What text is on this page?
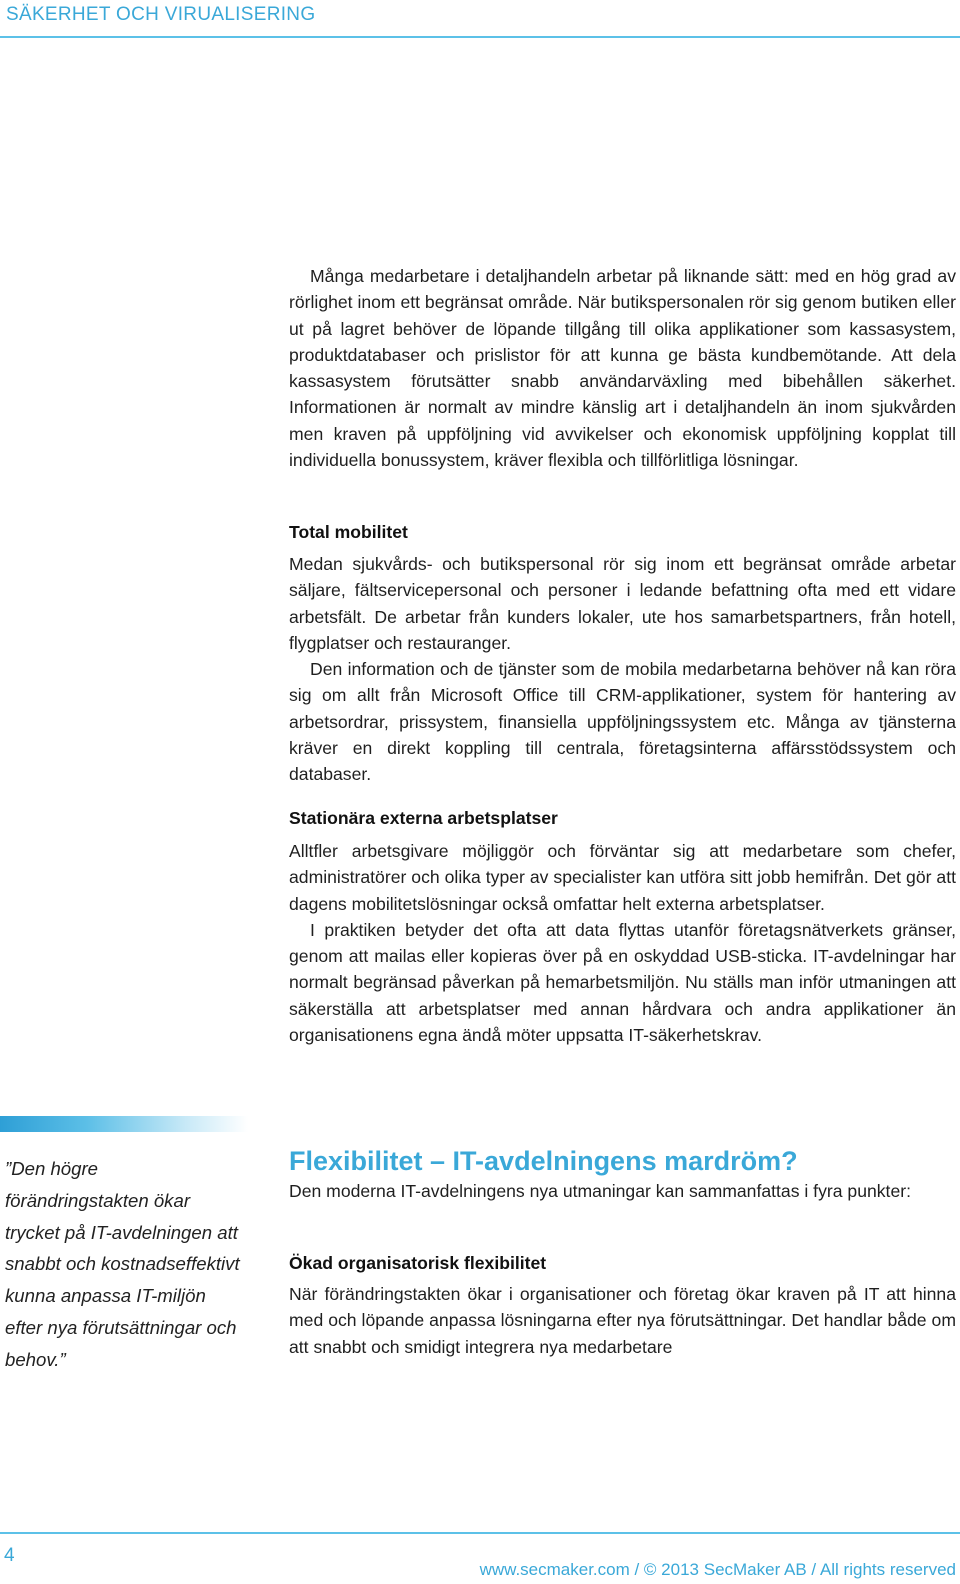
SÄKERHET OCH VIRUALISERING

Många medarbetare i detaljhandeln arbetar på liknande sätt: med en hög grad av rörlighet inom ett begränsat område. När butikspersonalen rör sig genom butiken eller ut på lagret behöver de löpande tillgång till olika applikationer som kassasystem, produktdatabaser och prislistor för att kunna ge bästa kundbemötande. Att dela kassasystem förutsätter snabb användarväxling med bibehållen säkerhet. Informationen är normalt av mindre känslig art i detaljhandeln än inom sjukvården men kraven på uppföljning vid avvikelser och ekonomisk uppföljning kopplat till individuella bonussystem, kräver flexibla och tillförlitliga lösningar.

Total mobilitet

Medan sjukvårds- och butikspersonal rör sig inom ett begränsat område arbetar säljare, fältservicepersonal och personer i ledande befattning ofta med ett vidare arbetsfält. De arbetar från kunders lokaler, ute hos samarbetspartners, från hotell, flygplatser och restauranger.

Den information och de tjänster som de mobila medarbetarna behöver nå kan röra sig om allt från Microsoft Office till CRM-applikationer, system för hantering av arbetsordrar, prissystem, finansiella uppföljningssystem etc. Många av tjänsterna kräver en direkt koppling till centrala, företagsinterna affärsstödssystem och databaser.

Stationära externa arbetsplatser

Alltfler arbetsgivare möjliggör och förväntar sig att medarbetare som chefer, administratörer och olika typer av specialister kan utföra sitt jobb hemifrån. Det gör att dagens mobilitetslösningar också omfattar helt externa arbetsplatser.

I praktiken betyder det ofta att data flyttas utanför företagsnätverkets gränser, genom att mailas eller kopieras över på en oskyddad USB-sticka. IT-avdelningar har normalt begränsad påverkan på hemarbetsmiljön. Nu ställs man inför utmaningen att säkerställa att arbetsplatser med annan hårdvara och andra applikationer än organisationens egna ändå möter uppsatta IT-säkerhetskrav.

Flexibilitet – IT-avdelningens mardröm?

Den moderna IT-avdelningens nya utmaningar kan sammanfattas i fyra punkter:

Ökad organisatorisk flexibilitet

När förändringstakten ökar i organisationer och företag ökar kraven på IT att hinna med och löpande anpassa lösningarna efter nya förutsättningar. Det handlar både om att snabbt och smidigt integrera nya medarbetare

”Den högre förändringstakten ökar trycket på IT-avdelningen att snabbt och kostnadseffektivt kunna anpassa IT-miljön efter nya förutsättningar och behov.”
4
www.secmaker.com / © 2013 SecMaker AB / All rights reserved
